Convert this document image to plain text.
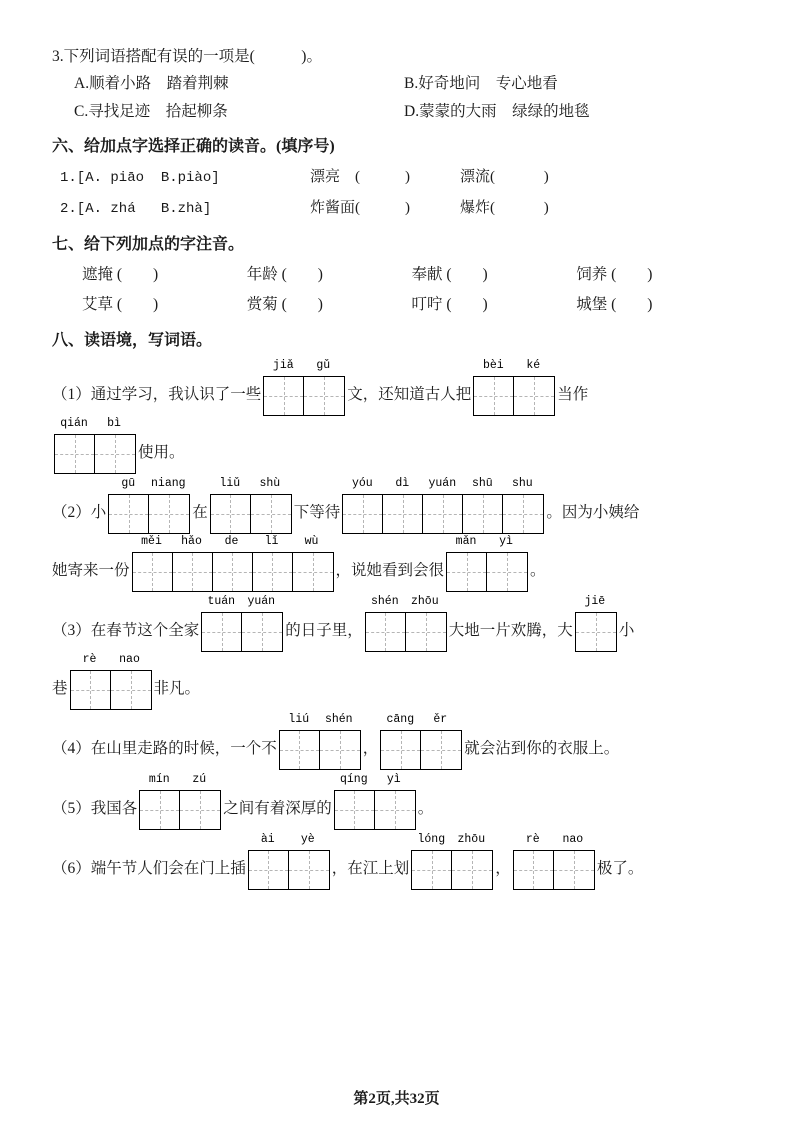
3.下列词语搭配有误的一项是(            )。
A.顺着小路　踏着荆棘	B.好奇地问　专心地看
C.寻找足迹　拾起柳条	D.蒙蒙的大雨　绿绿的地毯
六、给加点字选择正确的读音。(填序号)
1.[A. piāo  B.piào]	漂亮　(            )	漂流(             )
2.[A. zhá   B.zhà]	炸酱面(            )	爆炸(             )
七、给下列加点的字注音。
遮掩 (        )	年龄 (        )	奉献 (        )	饲养 (        )
艾草 (        )	赏菊 (        )	叮咛 (        )	城堡 (        )
八、读语境，写词语。
（1） 通过学习，我认识了一些
jiǎ	gǔ
文，还知道古人把
bèi	ké
当作
qián	bì
使用。
（2） 小
gū	niang
在
liǔ	shù
下等待
yóu	dì	yuán	shū	shu
。因为小姨给
她寄来一份
měi	hǎo	de	lǐ	wù
，说她看到会很
mǎn	yì
。
（3） 在春节这个全家
tuán	yuán
的日子里，
shén	zhōu
大地一片欢腾，大
jiē
小
巷
rè	nao
非凡。
（4） 在山里走路的时候，一个不
liú	shén
，
cāng	ěr
就会沾到你的衣服上。
（5） 我国各
mín	zú
之间有着深厚的
qíng	yì
。
（6） 端午节人们会在门上插
ài	yè
，在江上划
lóng	zhōu
，
rè	nao
极了。
第2页,共32页
